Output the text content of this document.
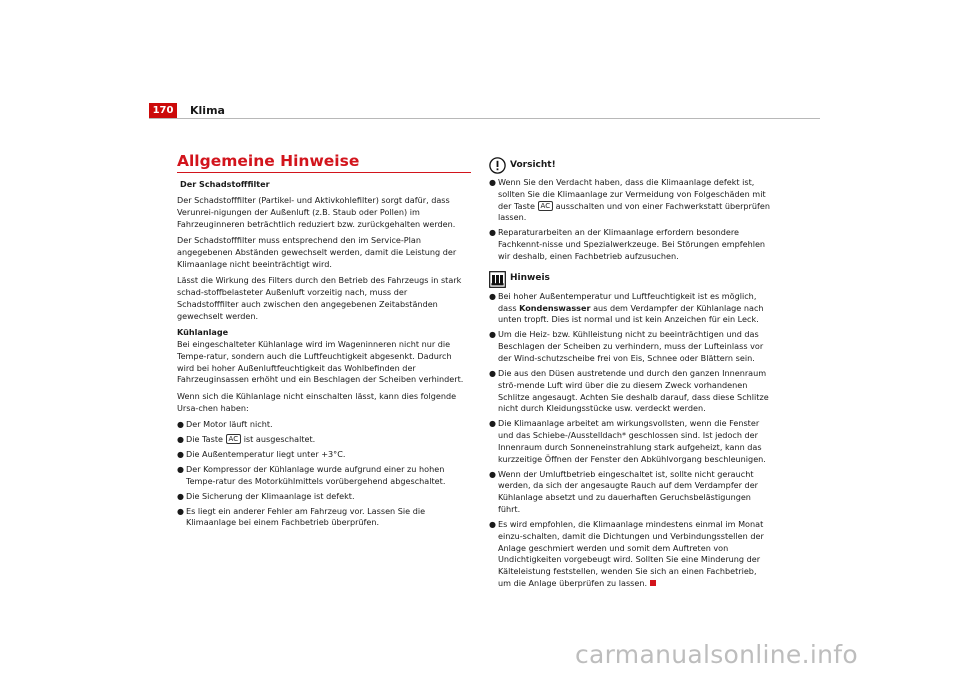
170	Klima
Allgemeine Hinweise

Der Schadstofffilter

Der Schadstofffilter (Partikel- und Aktivkohlefilter) sorgt dafür, dass Verunrei-nigungen der Außenluft (z.B. Staub oder Pollen) im Fahrzeuginneren beträchtlich reduziert bzw. zurückgehalten werden.

Der Schadstofffilter muss entsprechend den im Service-Plan angegebenen Abständen gewechselt werden, damit die Leistung der Klimaanlage nicht beeinträchtigt wird.

Lässt die Wirkung des Filters durch den Betrieb des Fahrzeugs in stark schad-stoffbelasteter Außenluft vorzeitig nach, muss der Schadstofffilter auch zwischen den angegebenen Zeitabständen gewechselt werden.

Kühlanlage

Bei eingeschalteter Kühlanlage wird im Wageninneren nicht nur die Tempe-ratur, sondern auch die Luftfeuchtigkeit abgesenkt. Dadurch wird bei hoher Außenluftfeuchtigkeit das Wohlbefinden der Fahrzeuginsassen erhöht und ein Beschlagen der Scheiben verhindert.

Wenn sich die Kühlanlage nicht einschalten lässt, kann dies folgende Ursa-chen haben:

● Der Motor läuft nicht.
● Die Taste AC ist ausgeschaltet.
● Die Außentemperatur liegt unter +3°C.
● Der Kompressor der Kühlanlage wurde aufgrund einer zu hohen Tempe-ratur des Motorkühlmittels vorübergehend abgeschaltet.
● Die Sicherung der Klimaanlage ist defekt.
● Es liegt ein anderer Fehler am Fahrzeug vor. Lassen Sie die Klimaanlage bei einem Fachbetrieb überprüfen.
Vorsicht!
● Wenn Sie den Verdacht haben, dass die Klimaanlage defekt ist, sollten Sie die Klimaanlage zur Vermeidung von Folgeschäden mit der Taste AC ausschalten und von einer Fachwerkstatt überprüfen lassen.
● Reparaturarbeiten an der Klimaanlage erfordern besondere Fachkennt-nisse und Spezialwerkzeuge. Bei Störungen empfehlen wir deshalb, einen Fachbetrieb aufzusuchen.
Hinweis
● Bei hoher Außentemperatur und Luftfeuchtigkeit ist es möglich, dass Kondenswasser aus dem Verdampfer der Kühlanlage nach unten tropft. Dies ist normal und ist kein Anzeichen für ein Leck.
● Um die Heiz- bzw. Kühlleistung nicht zu beeinträchtigen und das Beschlagen der Scheiben zu verhindern, muss der Lufteinlass vor der Wind-schutzscheibe frei von Eis, Schnee oder Blättern sein.
● Die aus den Düsen austretende und durch den ganzen Innenraum strö-mende Luft wird über die zu diesem Zweck vorhandenen Schlitze angesaugt. Achten Sie deshalb darauf, dass diese Schlitze nicht durch Kleidungsstücke usw. verdeckt werden.
● Die Klimaanlage arbeitet am wirkungsvollsten, wenn die Fenster und das Schiebe-/Ausstelldach* geschlossen sind. Ist jedoch der Innenraum durch Sonneneinstrahlung stark aufgeheizt, kann das kurzzeitige Öffnen der Fenster den Abkühlvorgang beschleunigen.
● Wenn der Umluftbetrieb eingeschaltet ist, sollte nicht geraucht werden, da sich der angesaugte Rauch auf dem Verdampfer der Kühlanlage absetzt und zu dauerhaften Geruchsbelästigungen führt.
● Es wird empfohlen, die Klimaanlage mindestens einmal im Monat einzu-schalten, damit die Dichtungen und Verbindungsstellen der Anlage geschmiert werden und somit dem Auftreten von Undichtigkeiten vorgebeugt wird. Sollten Sie eine Minderung der Kälteleistung feststellen, wenden Sie sich an einen Fachbetrieb, um die Anlage überprüfen zu lassen.
carmanualsonline.info
